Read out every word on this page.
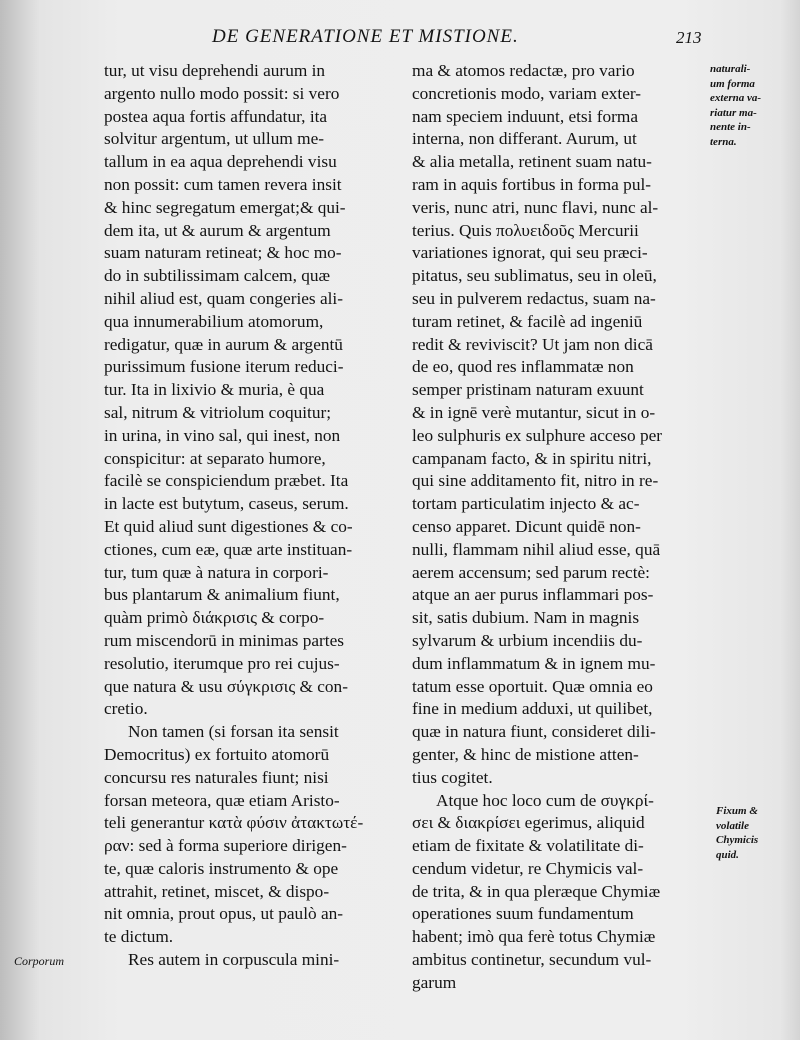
DE GENERATIONE ET MISTIONE.	213
tur, ut visu deprehendi aurum in
argento nullo modo possit: si vero
postea aqua fortis affundatur, ita
solvitur argentum, ut ullum me-
tallum in ea aqua deprehendi visu
non possit: cum tamen revera insit
& hinc segregatum emergat;& qui-
dem ita, ut & aurum & argentum
suam naturam retineat; & hoc mo-
do in subtilissimam calcem, quæ
nihil aliud est, quam congeries ali-
qua innumerabilium atomorum,
redigatur, quæ in aurum & argentū
purissimum fusione iterum reduci-
tur. Ita in lixivio & muria, è qua
sal, nitrum & vitriolum coquitur;
in urina, in vino sal, qui inest, non
conspicitur: at separato humore,
facilè se conspiciendum præbet. Ita
in lacte est butytum, caseus, serum.
Et quid aliud sunt digestiones & co-
ctiones, cum eæ, quæ arte instituan-
tur, tum quæ à natura in corpori-
bus plantarum & animalium fiunt,
quàm primò διάκρισις & corpo-
rum miscendorū in minimas partes
resolutio, iterumque pro rei cujus-
que natura & usu σύγκρισις & con-
cretio.
Non tamen (si forsan ita sensit
Democritus) ex fortuito atomorū
concursu res naturales fiunt; nisi
forsan meteora, quæ etiam Aristo-
teli generantur κατὰ φύσιν ἀτακτωτέ-
ραν: sed à forma superiore dirigen-
te, quæ caloris instrumento & ope
attrahit, retinet, miscet, & dispo-
nit omnia, prout opus, ut paulò an-
te dictum.
Res autem in corpuscula mini-
ma & atomos redactæ, pro vario
concretionis modo, variam exter-
nam speciem induunt, etsi forma
interna, non differant. Aurum, ut
& alia metalla, retinent suam natu-
ram in aquis fortibus in forma pul-
veris, nunc atri, nunc flavi, nunc al-
terius. Quis πολυειδοῦς Mercurii
variationes ignorat, qui seu præci-
pitatus, seu sublimatus, seu in oleū,
seu in pulverem redactus, suam na-
turam retinet, & facilè ad ingeniū
redit & reviviscit? Ut jam non dicā
de eo, quod res inflammatæ non
semper pristinam naturam exuunt
& in ignē verè mutantur, sicut in o-
leo sulphuris ex sulphure acceso per
campanam facto, & in spiritu nitri,
qui sine additamento fit, nitro in re-
tortam particulatim injecto & ac-
censo apparet. Dicunt quidē non-
nulli, flammam nihil aliud esse, quā
aerem accensum; sed parum rectè:
atque an aer purus inflammari pos-
sit, satis dubium. Nam in magnis
sylvarum & urbium incendiis du-
dum inflammatum & in ignem mu-
tatum esse oportuit. Quæ omnia eo
fine in medium adduxi, ut quilibet,
quæ in natura fiunt, consideret dili-
genter, & hinc de mistione atten-
tius cogitet.
Atque hoc loco cum de συγκρί-
σει & διακρίσει egerimus, aliquid
etiam de fixitate & volatilitate di-
cendum videtur, re Chymicis val-
de trita, & in qua pleræque Chymiæ
operationes suum fundamentum
habent; imò qua ferè totus Chymiæ
ambitus continetur, secundum vul-
garum
naturali-
um forma
externa va-
riatur ma-
nente in-
terna.
Fixum &
volatile
Chymicis
quid.
Corporum
